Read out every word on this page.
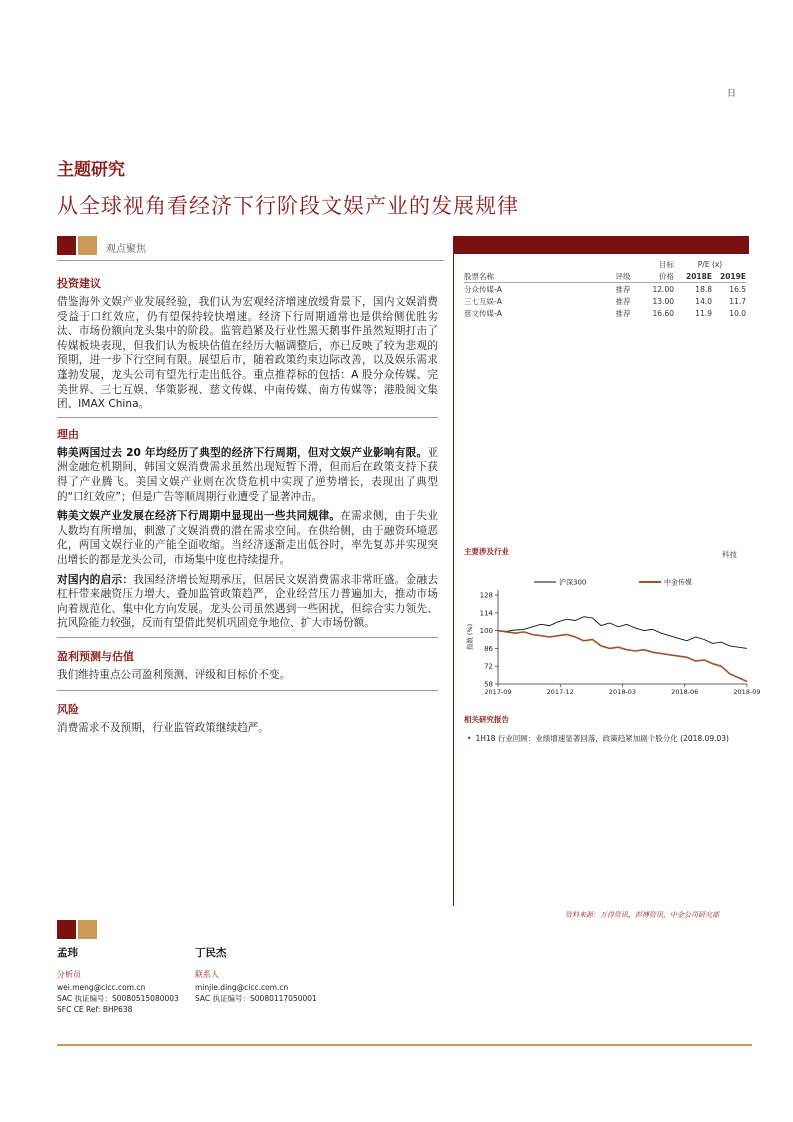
日
主题研究
从全球视角看经济下行阶段文娱产业的发展规律
观点聚焦
投资建议
借鉴海外文娱产业发展经验，我们认为宏观经济增速放缓背景下，国内文娱消费受益于口红效应，仍有望保持较快增速。经济下行周期通常也是供给侧优胜劣汰、市场份额向龙头集中的阶段。监管趋紧及行业性黑天鹅事件虽然短期打击了传媒板块表现，但我们认为板块估值在经历大幅调整后，亦已反映了较为悲观的预期，进一步下行空间有限。展望后市，随着政策约束边际改善，以及娱乐需求蓬勃发展，龙头公司有望先行走出低谷。重点推荐标的包括：A 股分众传媒、完美世界、三七互娱、华策影视、慈文传媒、中南传媒、南方传媒等；港股阅文集团、IMAX China。
理由
韩美两国过去 20 年均经历了典型的经济下行周期，但对文娱产业影响有限。亚洲金融危机期间，韩国文娱消费需求虽然出现短暂下滑，但而后在政策支持下获得了产业腾飞。美国文娱产业则在次贷危机中实现了逆势增长，表现出了典型的“口红效应”；但是广告等顺周期行业遭受了显著冲击。
韩美文娱产业发展在经济下行周期中显现出一些共同规律。在需求侧，由于失业人数均有所增加，刺激了文娱消费的潜在需求空间。在供给侧，由于融资环境恶化，两国文娱行业的产能全面收缩。当经济逐渐走出低谷时，率先复苏并实现突出增长的都是龙头公司，市场集中度也持续提升。
对国内的启示：我国经济增长短期承压，但居民文娱消费需求非常旺盛。金融去杠杆带来融资压力增大、叠加监管政策趋严，企业经营压力普遍加大，推动市场向着规范化、集中化方向发展。龙头公司虽然遇到一些困扰，但综合实力领先、抗风险能力较强，反而有望借此契机巩固竞争地位、扩大市场份额。
盈利预测与估值
我们维持重点公司盈利预测、评级和目标价不变。
风险
消费需求不及预期，行业监管政策继续趋严。
		目标	P/E (x)	
股票名称	评级	价格	2018E	2019E
分众传媒-A	推荐	12.00	18.8	16.5
三七互娱-A	推荐	13.00	14.0	11.7
慈文传媒-A	推荐	16.60	11.9	10.0
主要涉及行业	科技
沪深300	中金传媒
58
72
86
100
114
128
2017-09	2017-12	2018-03	2018-06	2018-09
指数 (%)
相关研究报告
• 1H18 行业回顾：业绩增速显著回落，政策趋紧加剧个股分化 (2018.09.03)
资料来源：万得资讯，彭博资讯，中金公司研究部
孟玮
分析员
wei.meng@cicc.com.cn
SAC 执证编号：S0080515080003
SFC CE Ref: BHP638
丁民杰
联系人
minjie.ding@cicc.com.cn
SAC 执证编号：S0080117050001
